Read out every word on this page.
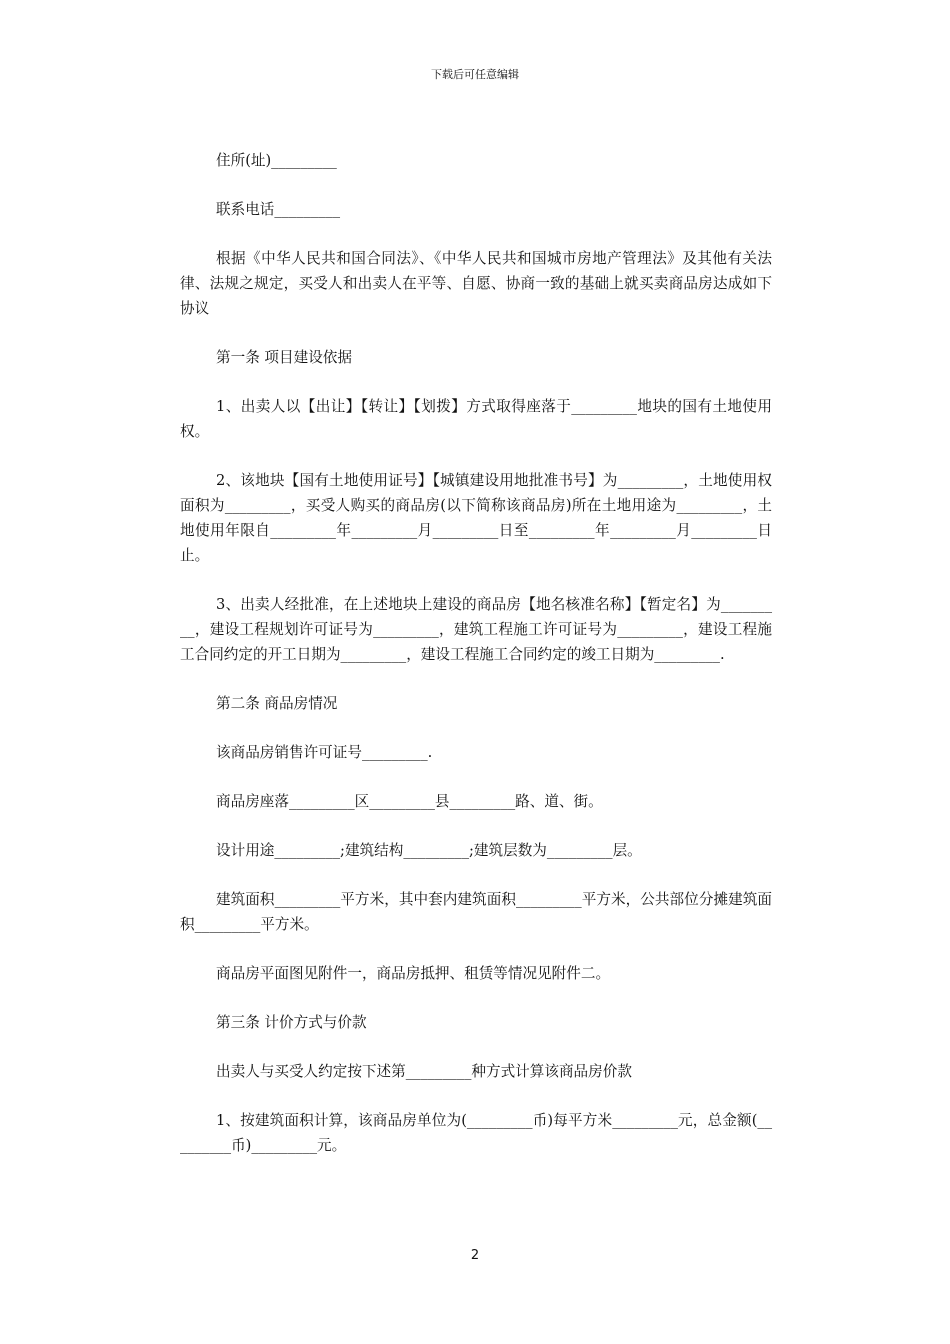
下载后可任意编辑

住所(址)_________

联系电话_________

根据《中华人民共和国合同法》、《中华人民共和国城市房地产管理法》及其他有关法律、法规之规定，买受人和出卖人在平等、自愿、协商一致的基础上就买卖商品房达成如下协议

第一条 项目建设依据

1、出卖人以【出让】【转让】【划拨】方式取得座落于_________地块的国有土地使用权。

2、该地块【国有土地使用证号】【城镇建设用地批准书号】为_________，土地使用权面积为_________，买受人购买的商品房(以下简称该商品房)所在土地用途为_________，土地使用年限自_________年_________月_________日至_________年_________月_________日止。

3、出卖人经批准，在上述地块上建设的商品房【地名核准名称】【暂定名】为_________，建设工程规划许可证号为_________，建筑工程施工许可证号为_________，建设工程施工合同约定的开工日期为_________，建设工程施工合同约定的竣工日期为_________.

第二条 商品房情况

该商品房销售许可证号_________.

商品房座落_________区_________县_________路、道、街。

设计用途_________;建筑结构_________;建筑层数为_________层。

建筑面积_________平方米，其中套内建筑面积_________平方米，公共部位分摊建筑面积_________平方米。

商品房平面图见附件一，商品房抵押、租赁等情况见附件二。

第三条 计价方式与价款

出卖人与买受人约定按下述第_________种方式计算该商品房价款

1、按建筑面积计算，该商品房单位为(_________币)每平方米_________元，总金额(_________币)_________元。

2
